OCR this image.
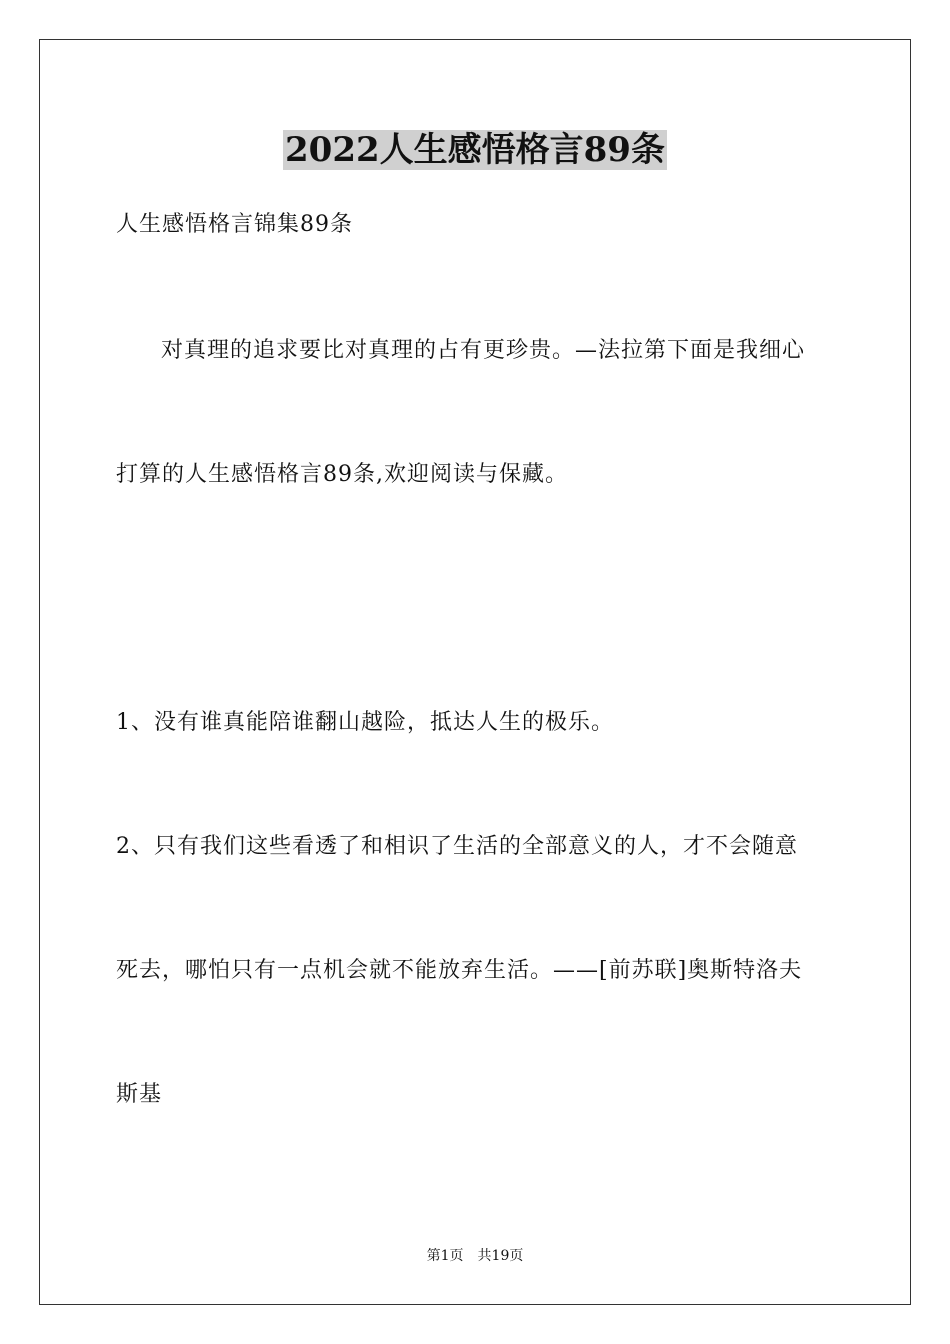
2022人生感悟格言89条
人生感悟格言锦集89条
对真理的追求要比对真理的占有更珍贵。—法拉第下面是我细心
打算的人生感悟格言89条,欢迎阅读与保藏。
1、没有谁真能陪谁翻山越险，抵达人生的极乐。
2、只有我们这些看透了和相识了生活的全部意义的人，才不会随意
死去，哪怕只有一点机会就不能放弃生活。——[前苏联]奥斯特洛夫
斯基
第1页 共19页
